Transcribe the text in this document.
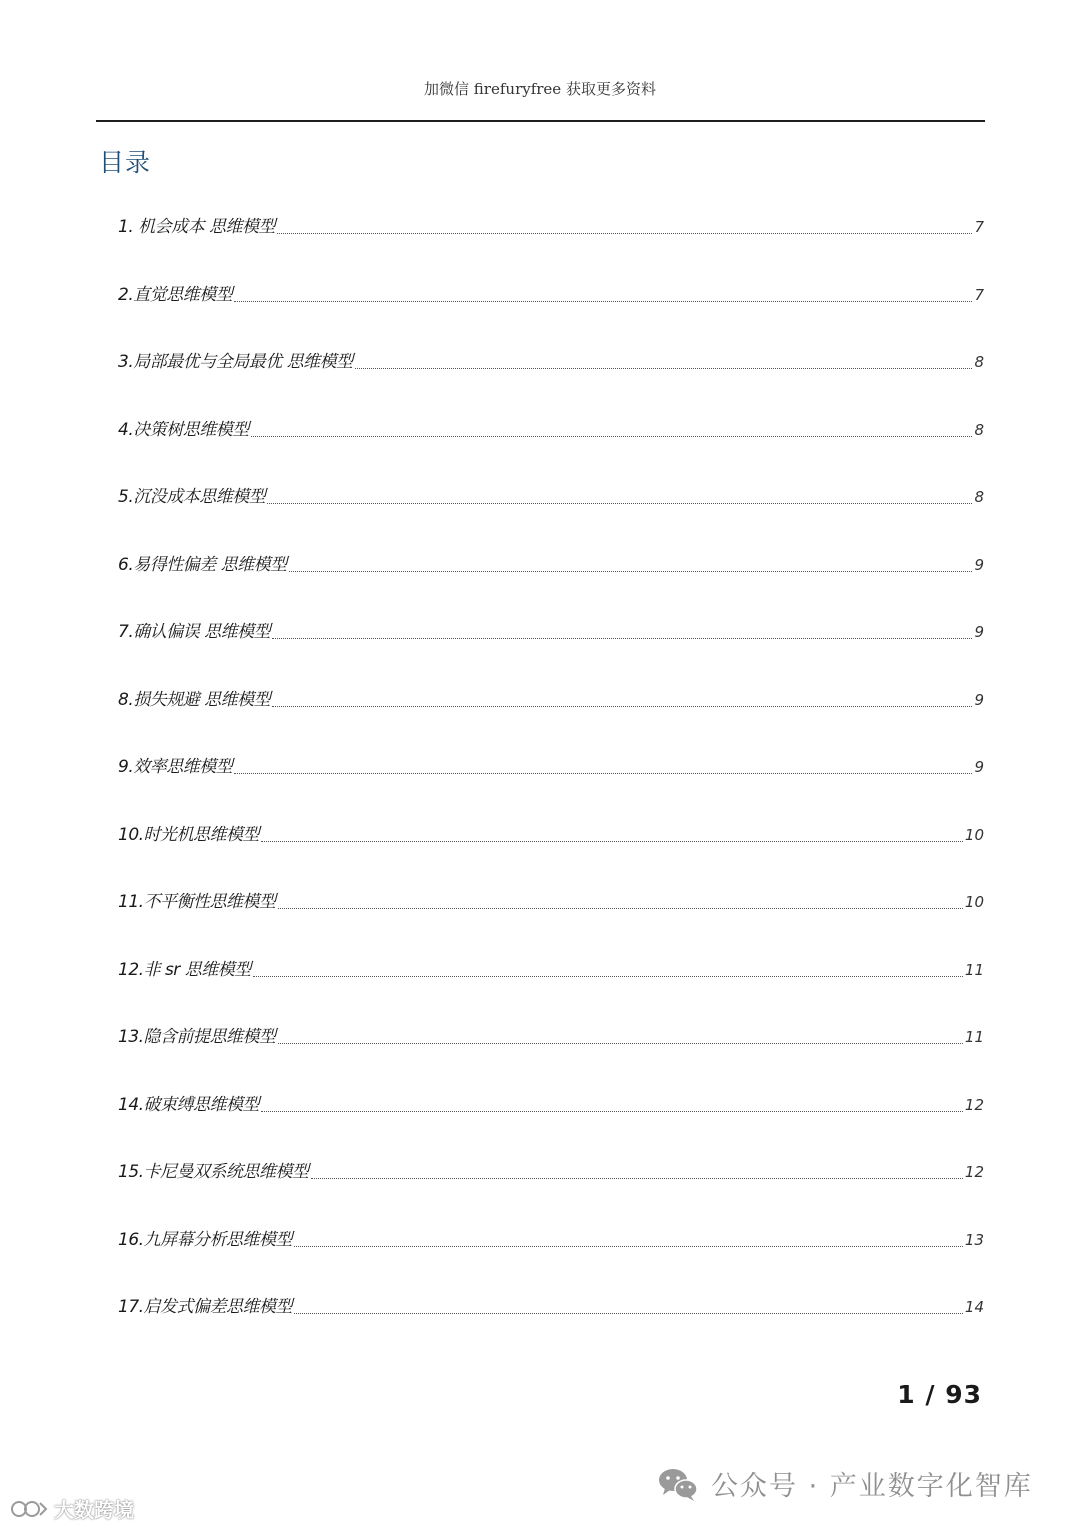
加微信 firefuryfree 获取更多资料
目录
1. 机会成本 思维模型	7
2.直觉思维模型	7
3.局部最优与全局最优 思维模型	8
4.决策树思维模型	8
5.沉没成本思维模型	8
6.易得性偏差 思维模型	9
7.确认偏误 思维模型	9
8.损失规避 思维模型	9
9.效率思维模型	9
10.时光机思维模型	10
11.不平衡性思维模型	10
12.非 sr 思维模型	11
13.隐含前提思维模型	11
14.破束缚思维模型	12
15.卡尼曼双系统思维模型	12
16.九屏幕分析思维模型	13
17.启发式偏差思维模型	14
1 / 93
大数跨境
公众号 · 产业数字化智库
